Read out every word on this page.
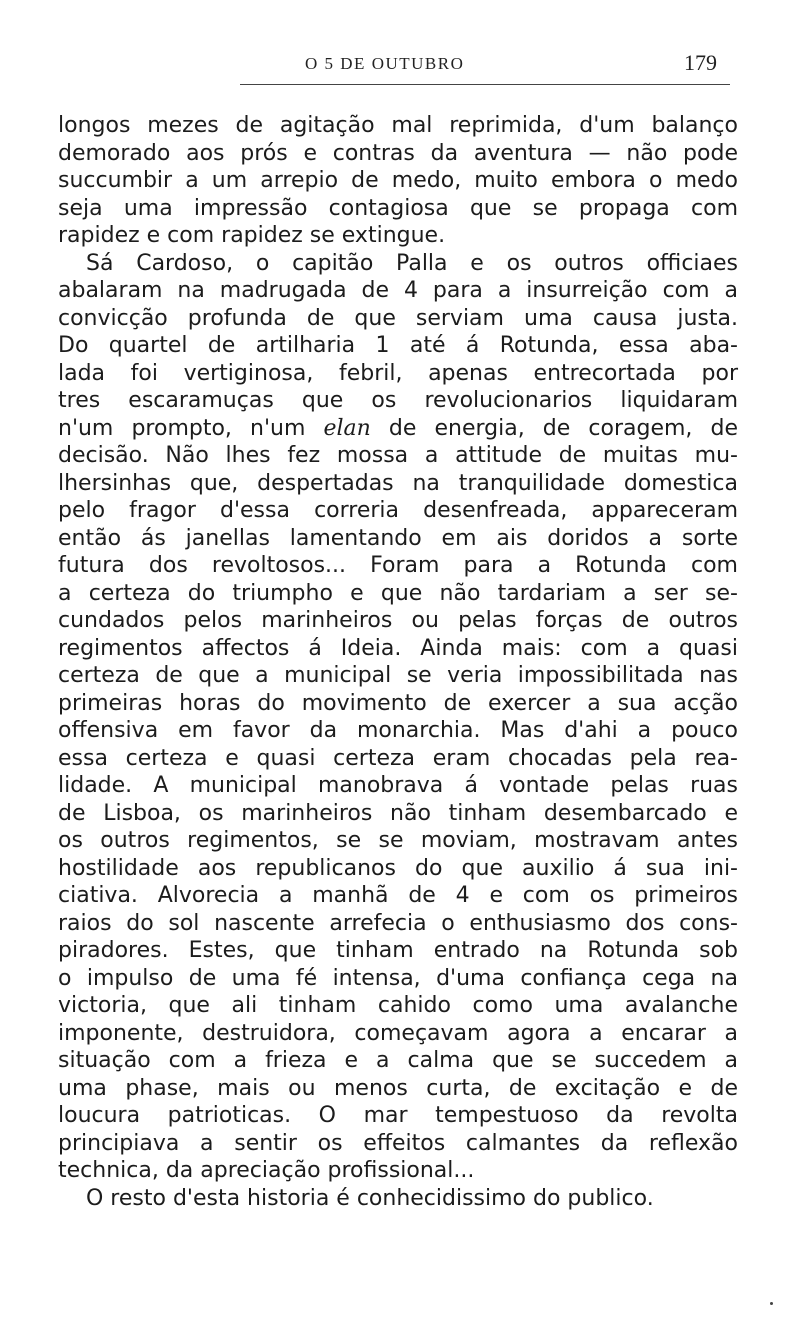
O 5 DE OUTUBRO	179
longos mezes de agitação mal reprimida, d'um balanço
demorado aos prós e contras da aventura — não pode
succumbir a um arrepio de medo, muito embora o medo
seja uma impressão contagiosa que se propaga com
rapidez e com rapidez se extingue.
Sá Cardoso, o capitão Palla e os outros officiaes
abalaram na madrugada de 4 para a insurreição com a
convicção profunda de que serviam uma causa justa.
Do quartel de artilharia 1 até á Rotunda, essa aba-
lada foi vertiginosa, febril, apenas entrecortada por
tres escaramuças que os revolucionarios liquidaram
n'um prompto, n'um elan de energia, de coragem, de
decisão. Não lhes fez mossa a attitude de muitas mu-
lhersinhas que, despertadas na tranquilidade domestica
pelo fragor d'essa correria desenfreada, appareceram
então ás janellas lamentando em ais doridos a sorte
futura dos revoltosos... Foram para a Rotunda com
a certeza do triumpho e que não tardariam a ser se-
cundados pelos marinheiros ou pelas forças de outros
regimentos affectos á Ideia. Ainda mais: com a quasi
certeza de que a municipal se veria impossibilitada nas
primeiras horas do movimento de exercer a sua acção
offensiva em favor da monarchia. Mas d'ahi a pouco
essa certeza e quasi certeza eram chocadas pela rea-
lidade. A municipal manobrava á vontade pelas ruas
de Lisboa, os marinheiros não tinham desembarcado e
os outros regimentos, se se moviam, mostravam antes
hostilidade aos republicanos do que auxilio á sua ini-
ciativa. Alvorecia a manhã de 4 e com os primeiros
raios do sol nascente arrefecia o enthusiasmo dos cons-
piradores. Estes, que tinham entrado na Rotunda sob
o impulso de uma fé intensa, d'uma confiança cega na
victoria, que ali tinham cahido como uma avalanche
imponente, destruidora, começavam agora a encarar a
situação com a frieza e a calma que se succedem a
uma phase, mais ou menos curta, de excitação e de
loucura patrioticas. O mar tempestuoso da revolta
principiava a sentir os effeitos calmantes da reflexão
technica, da apreciação profissional...
O resto d'esta historia é conhecidissimo do publico.
